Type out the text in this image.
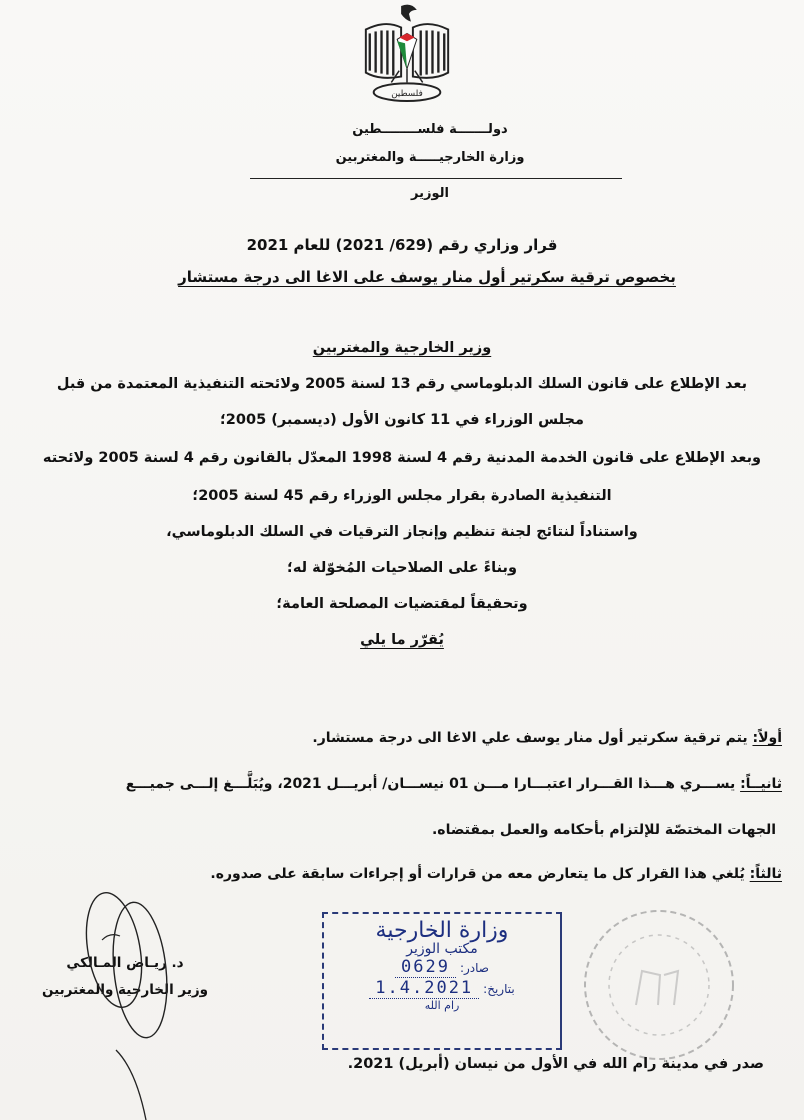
فلسطين
دولـــــــة فلســــــــطين
وزارة الخارجيـــــة والمغتربين
الوزير
قرار وزاري رقم (629/ 2021) للعام 2021
بخصوص ترقية سكرتير أول منار يوسف على الاغا الى درجة مستشار
وزير الخارجية والمغتربين
بعد الإطلاع على قانون السلك الدبلوماسي رقم 13 لسنة 2005 ولائحته التنفيذية المعتمدة من قبل
مجلس الوزراء في 11 كانون الأول (ديسمبر) 2005؛
وبعد الإطلاع على قانون الخدمة المدنية رقم 4 لسنة 1998 المعدّل بالقانون رقم 4 لسنة 2005 ولائحته
التنفيذية الصادرة بقرار مجلس الوزراء رقم 45 لسنة 2005؛
واستناداً لنتائج لجنة تنظيم وإنجاز الترقيات في السلك الدبلوماسي،
وبناءً على الصلاحيات المُخوّلة له؛
وتحقيقاً لمقتضيات المصلحة العامة؛
يُقرّر ما يلي
أولاً: يتم ترقية سكرتير أول منار يوسف علي الاغا الى درجة مستشار.
ثانيــاً: يســـري هـــذا القـــرار اعتبـــارا مـــن 01 نيســـان/ أبريـــل 2021، ويُبَلَّـــغ إلـــى جميـــع
الجهات المختصّة للإلتزام بأحكامه والعمل بمقتضاه.
ثالثاً: يُلغي هذا القرار كل ما يتعارض معه من قرارات أو إجراءات سابقة على صدوره.
د. ريـاض المـالكي
وزير الخارجية والمغتربين
وزارة الخارجية
مكتب الوزير
صادر:
0629
بتاريخ:
1.4.2021
رام الله
صدر في مدينة رام الله في الأول من نيسان (أبريل) 2021.
